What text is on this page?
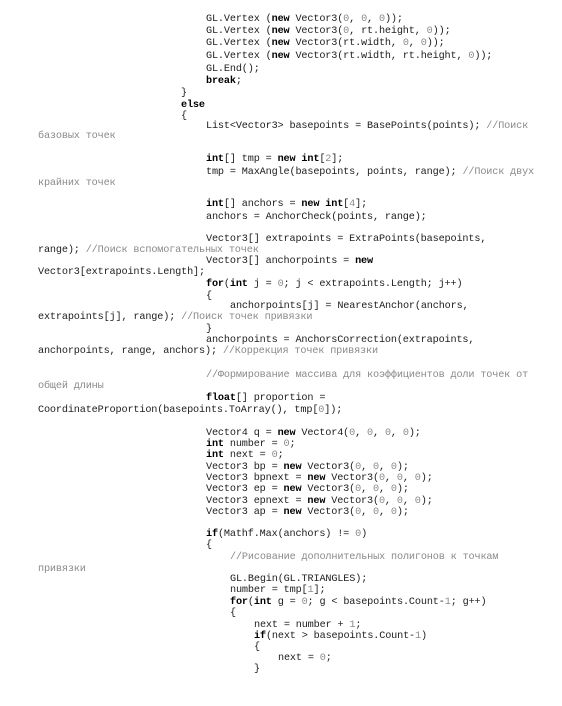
GL.Vertex (new Vector3(0, 0, 0));
GL.Vertex (new Vector3(0, rt.height, 0));
GL.Vertex (new Vector3(rt.width, 0, 0));
GL.Vertex (new Vector3(rt.width, rt.height, 0));
GL.End();
break;
}
else
{
List<Vector3> basepoints = BasePoints(points); //Поиск
базовых точек
int[] tmp = new int[2];
tmp = MaxAngle(basepoints, points, range); //Поиск двух
крайних точек
int[] anchors = new int[4];
anchors = AnchorCheck(points, range);
Vector3[] extrapoints = ExtraPoints(basepoints,
range); //Поиск вспомогательных точек
Vector3[] anchorpoints = new
Vector3[extrapoints.Length];
for(int j = 0; j < extrapoints.Length; j++)
{
anchorpoints[j] = NearestAnchor(anchors,
extrapoints[j], range); //Поиск точек привязки
}
anchorpoints = AnchorsCorrection(extrapoints,
anchorpoints, range, anchors); //Коррекция точек привязки
//Формирование массива для коэффициентов доли точек от
общей длины
float[] proportion =
CoordinateProportion(basepoints.ToArray(), tmp[0]);
Vector4 q = new Vector4(0, 0, 0, 0);
int number = 0;
int next = 0;
Vector3 bp = new Vector3(0, 0, 0);
Vector3 bpnext = new Vector3(0, 0, 0);
Vector3 ep = new Vector3(0, 0, 0);
Vector3 epnext = new Vector3(0, 0, 0);
Vector3 ap = new Vector3(0, 0, 0);
if(Mathf.Max(anchors) != 0)
{
//Рисование дополнительных полигонов к точкам
привязки
GL.Begin(GL.TRIANGLES);
number = tmp[1];
for(int g = 0; g < basepoints.Count-1; g++)
{
next = number + 1;
if(next > basepoints.Count-1)
{
next = 0;
}
